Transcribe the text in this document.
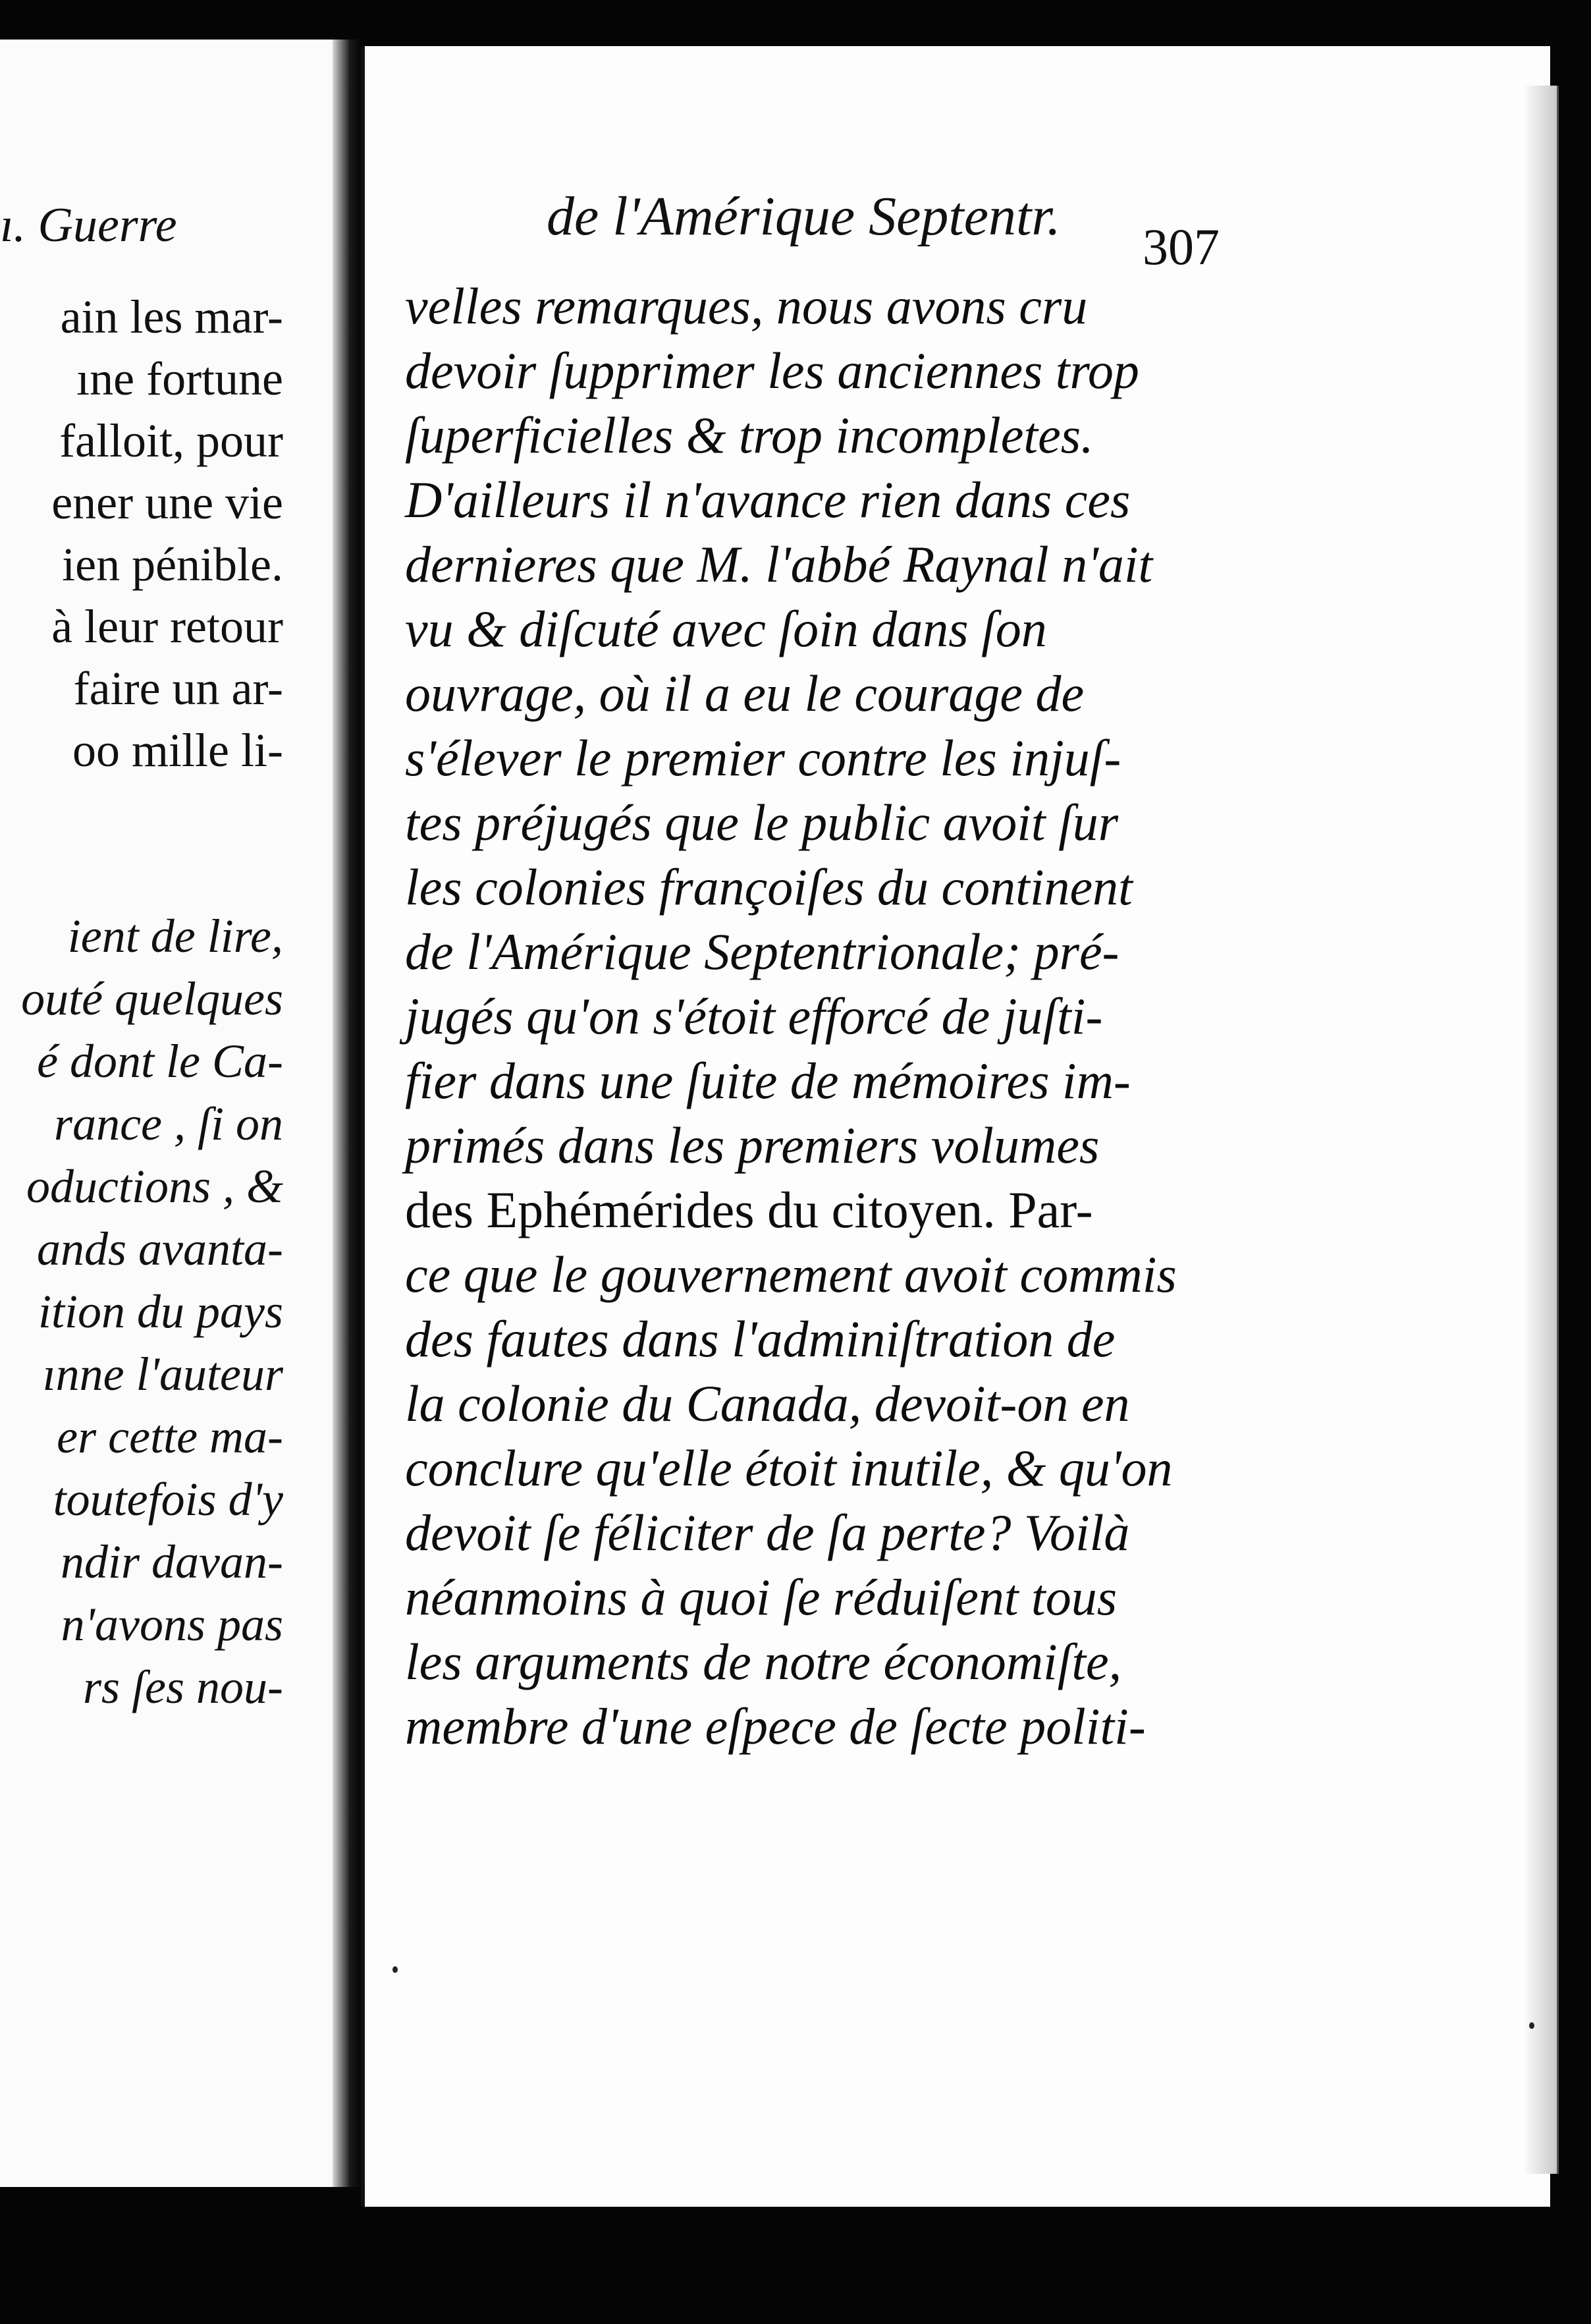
ı. Guerre
ain les mar-
ıne fortune
falloit, pour
ener une vie
ien pénible.
à leur retour
faire un ar-
oo mille li-
ient de lire,
outé quelques
é dont le Ca-
rance , ſi on
oductions , &
ands avanta-
ition du pays
ınne l'auteur
er cette ma-
toutefois d'y
ndir davan-
n'avons pas
rs ſes nou-
de l'Amérique Septentr. 307
velles remarques, nous avons cru
devoir ſupprimer les anciennes trop
ſuperficielles & trop incompletes.
D'ailleurs il n'avance rien dans ces
dernieres que M. l'abbé Raynal n'ait
vu & diſcuté avec ſoin dans ſon
ouvrage, où il a eu le courage de
s'élever le premier contre les injuſ-
tes préjugés que le public avoit ſur
les colonies françoiſes du continent
de l'Amérique Septentrionale; pré-
jugés qu'on s'étoit efforcé de juſti-
fier dans une ſuite de mémoires im-
primés dans les premiers volumes
des Ephémérides du citoyen. Par-
ce que le gouvernement avoit commis
des fautes dans l'adminiſtration de
la colonie du Canada, devoit-on en
conclure qu'elle étoit inutile, & qu'on
devoit ſe féliciter de ſa perte? Voilà
néanmoins à quoi ſe réduiſent tous
les arguments de notre économiſte,
membre d'une eſpece de ſecte politi-
